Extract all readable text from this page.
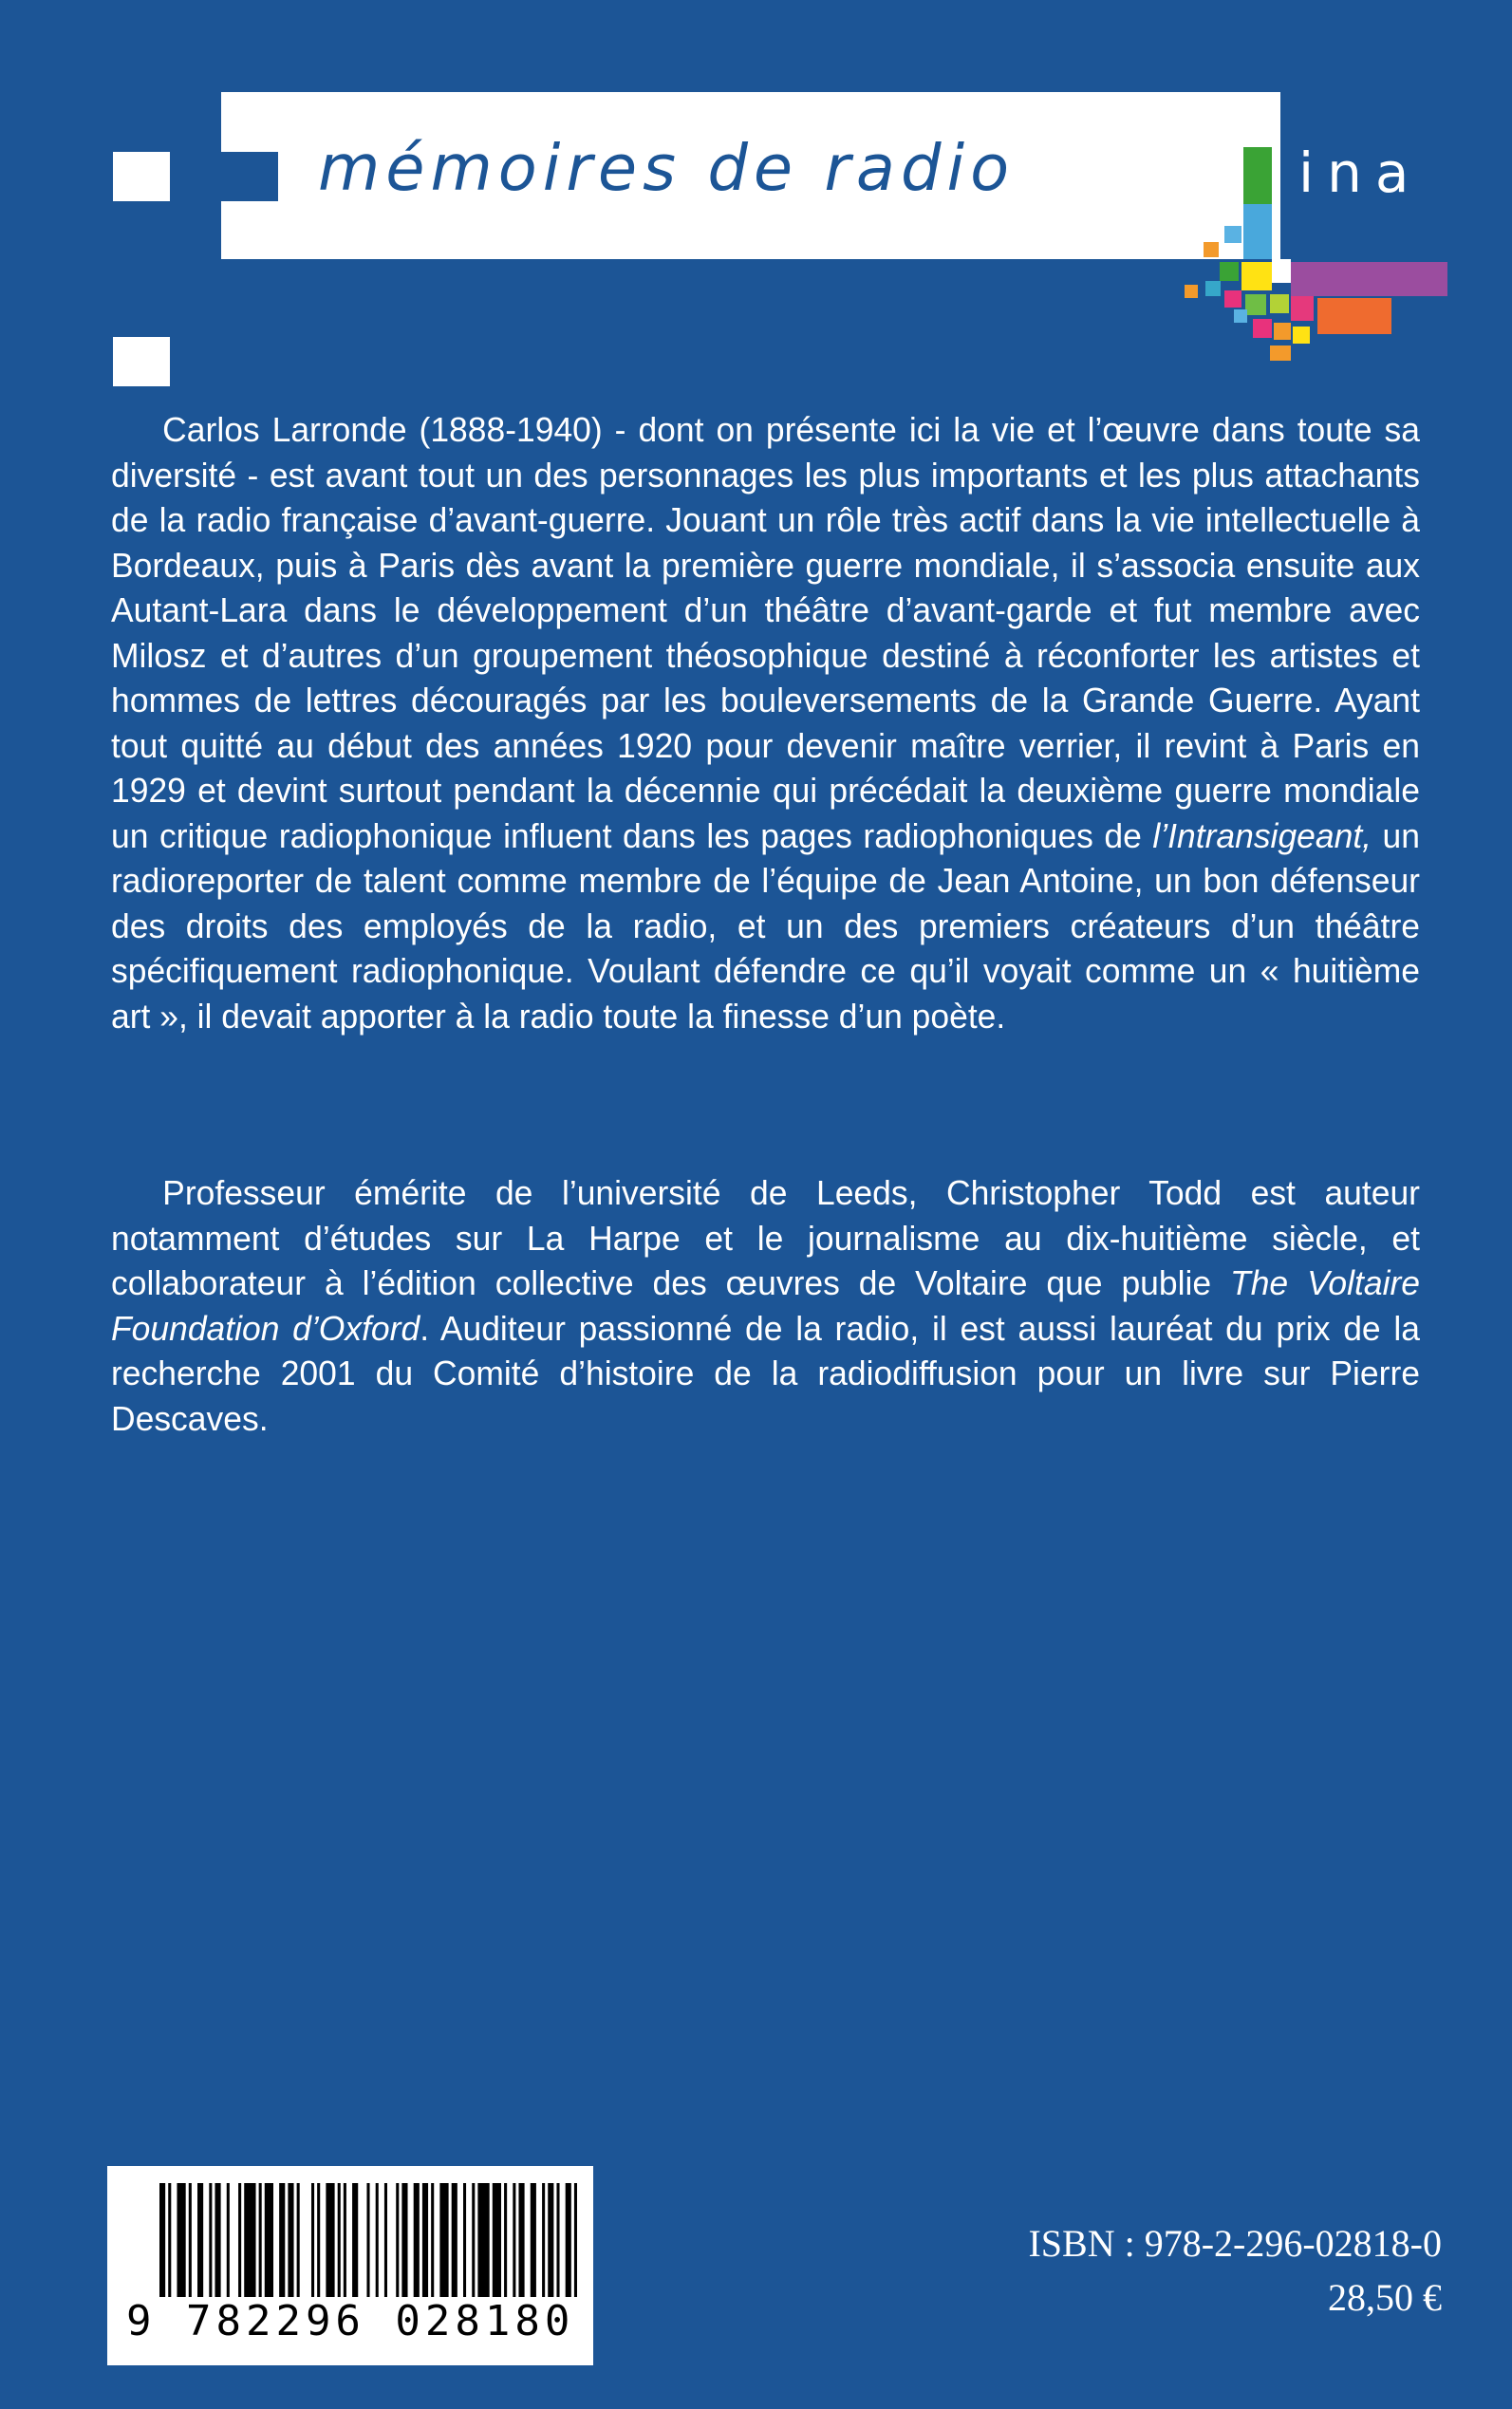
mémoires de radio	ina

Carlos Larronde (1888-1940) - dont on présente ici la vie et l’œuvre dans toute sa diversité - est avant tout un des personnages les plus importants et les plus attachants de la radio française d’avant-guerre. Jouant un rôle très actif dans la vie intellectuelle à Bordeaux, puis à Paris dès avant la première guerre mondiale, il s’associa ensuite aux Autant-Lara dans le développement d’un théâtre d’avant-garde et fut membre avec Milosz et d’autres d’un groupement théosophique destiné à réconforter les artistes et hommes de lettres découragés par les bouleversements de la Grande Guerre. Ayant tout quitté au début des années 1920 pour devenir maître verrier, il revint à Paris en 1929 et devint surtout pendant la décennie qui précédait la deuxième guerre mondiale un critique radiophonique influent dans les pages radiophoniques de l’Intransigeant, un radioreporter de talent comme membre de l’équipe de Jean Antoine, un bon défenseur des droits des employés de la radio, et un des premiers créateurs d’un théâtre spécifiquement radiophonique. Voulant défendre ce qu’il voyait comme un « huitième art », il devait apporter à la radio toute la finesse d’un poète.

Professeur émérite de l’université de Leeds, Christopher Todd est auteur notamment d’études sur La Harpe et le journalisme au dix-huitième siècle, et collaborateur à l’édition collective des œuvres de Voltaire que publie The Voltaire Foundation d’Oxford. Auditeur passionné de la radio, il est aussi lauréat du prix de la recherche 2001 du Comité d’histoire de la radiodiffusion pour un livre sur Pierre Descaves.

9 782296 028180
ISBN : 978-2-296-02818-0
28,50 €
